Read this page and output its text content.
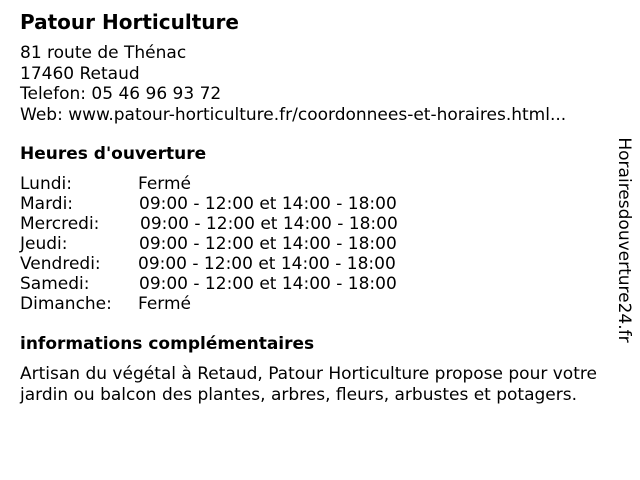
Patour Horticulture
81 route de Thénac
17460 Retaud
Telefon: 05 46 96 93 72
Web: www.patour-horticulture.fr/coordonnees-et-horaires.html...
Heures d'ouverture
Lundi:	Fermé
Mardi:	09:00 - 12:00 et 14:00 - 18:00
Mercredi: 09:00 - 12:00 et 14:00 - 18:00
Jeudi:	09:00 - 12:00 et 14:00 - 18:00
Vendredi: 09:00 - 12:00 et 14:00 - 18:00
Samedi:	09:00 - 12:00 et 14:00 - 18:00
Dimanche: Fermé
informations complémentaires
Artisan du végétal à Retaud, Patour Horticulture propose pour votre jardin ou balcon des plantes, arbres, fleurs, arbustes et potagers.
Horairesdouverture24.fr
